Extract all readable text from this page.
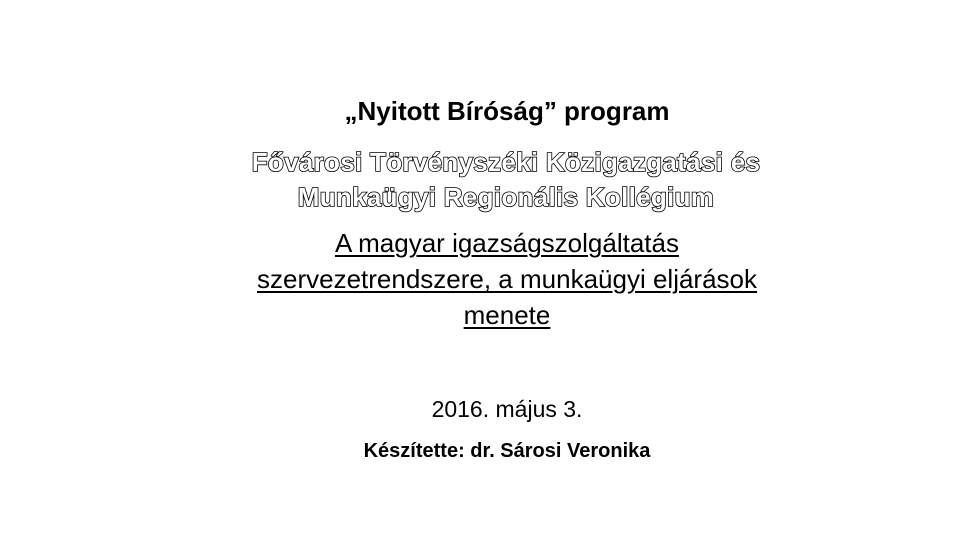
„Nyitott Bíróság” program
Fővárosi Törvényszéki Közigazgatási és
Munkaügyi Regionális Kollégium
A magyar igazságszolgáltatás
szervezetrendszere, a munkaügyi eljárások
menete
2016. május 3.
Készítette: dr. Sárosi Veronika
